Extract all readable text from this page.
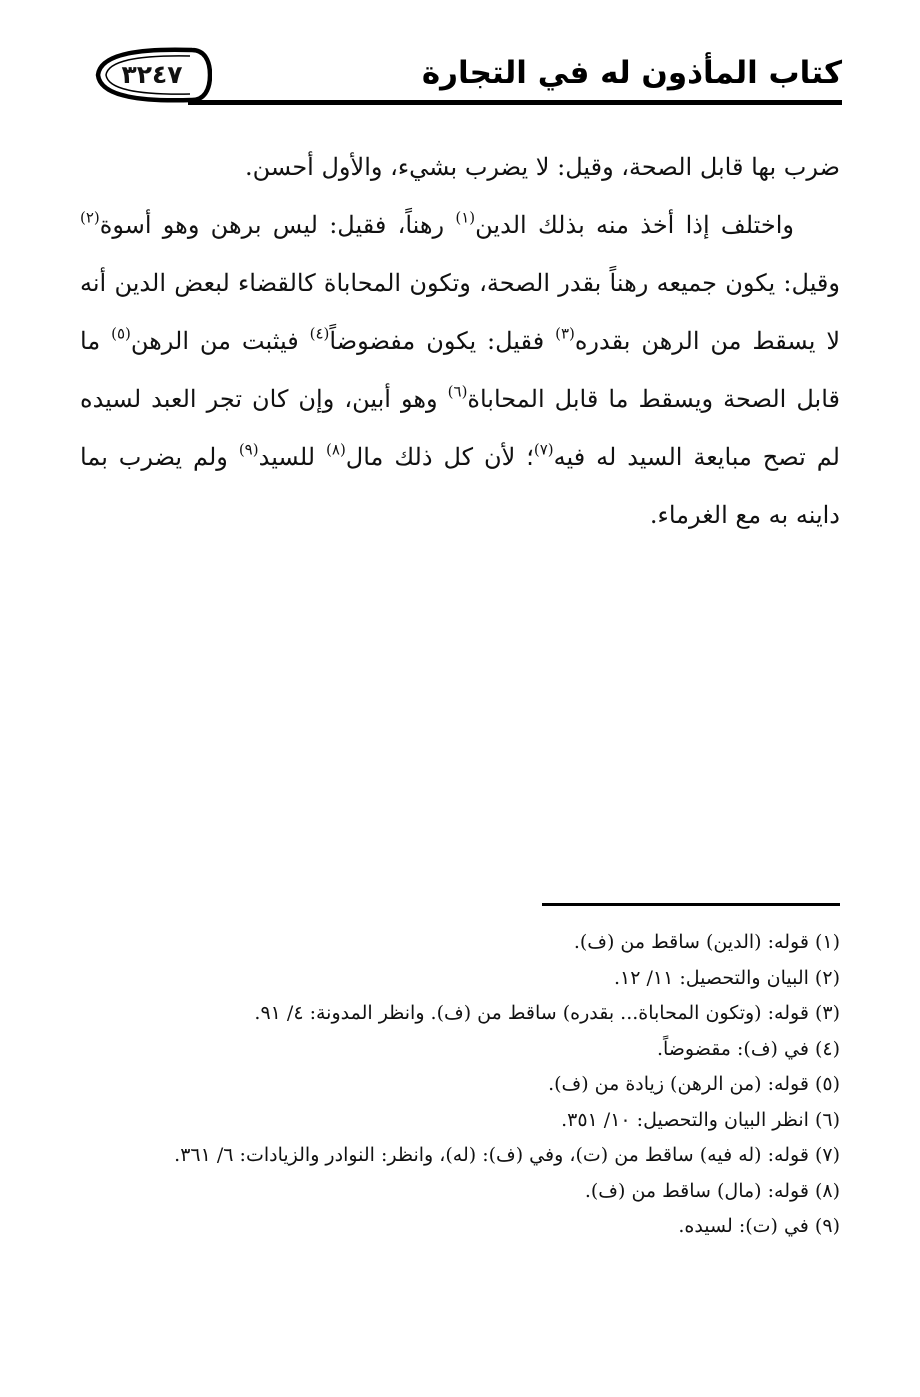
كتاب المأذون له في التجارة
٣٢٤٧

ضرب بها قابل الصحة، وقيل: لا يضرب بشيء، والأول أحسن.

واختلف إذا أخذ منه بذلك الدين$^{(١)}$ رهناً، فقيل: ليس برهن وهو أسوة$^{(٢)}$ وقيل: يكون جميعه رهناً بقدر الصحة، وتكون المحاباة كالقضاء لبعض الدين أنه لا يسقط من الرهن بقدره$^{(٣)}$ فقيل: يكون مفضوضاً$^{(٤)}$ فيثبت من الرهن$^{(٥)}$ ما قابل الصحة ويسقط ما قابل المحاباة$^{(٦)}$ وهو أبين، وإن كان تجر العبد لسيده لم تصح مبايعة السيد له فيه$^{(٧)}$؛ لأن كل ذلك مال$^{(٨)}$ للسيد$^{(٩)}$ ولم يضرب بما داينه به مع الغرماء.

(١) قوله: (الدين) ساقط من (ف).

(٢) البيان والتحصيل: ١١/ ١٢.

(٣) قوله: (وتكون المحاباة... بقدره) ساقط من (ف). وانظر المدونة: ٤/ ٩١.

(٤) في (ف): مقضوضاً.

(٥) قوله: (من الرهن) زيادة من (ف).

(٦) انظر البيان والتحصيل: ١٠/ ٣٥١.

(٧) قوله: (له فيه) ساقط من (ت)، وفي (ف): (له)، وانظر: النوادر والزيادات: ٦/ ٣٦١.

(٨) قوله: (مال) ساقط من (ف).

(٩) في (ت): لسيده.
